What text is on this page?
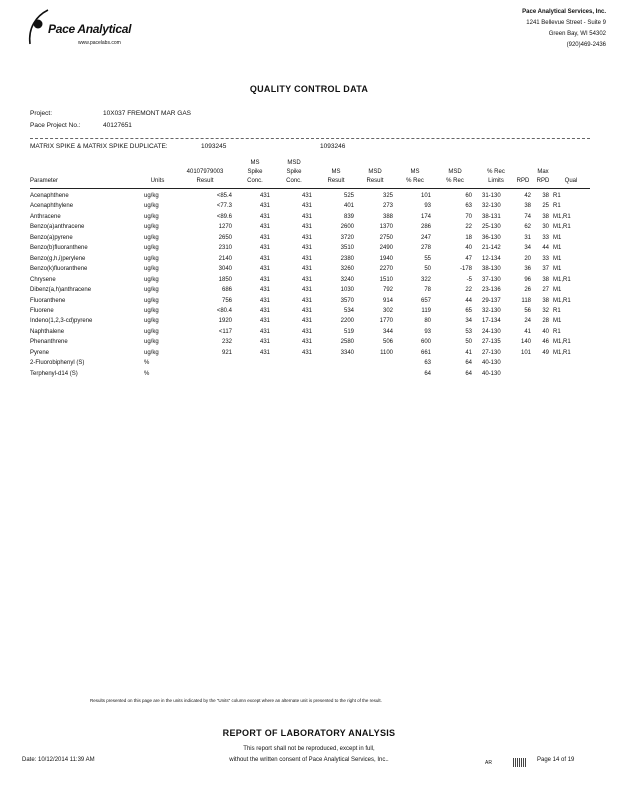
Pace Analytical
www.pacelabs.com
Pace Analytical Services, Inc.
1241 Bellevue Street - Suite 9
Green Bay, WI 54302
(920)469-2436
QUALITY CONTROL DATA
Project:	10X037 FREMONT MAR GAS
Pace Project No.:	40127651
MATRIX SPIKE & MATRIX SPIKE DUPLICATE:	1093245	1093246
Parameter	Units
40107979003
Result
MS
Spike
Conc.
MSD
Spike
Conc.
MS
Result
MSD
Result
MS
% Rec
MSD
% Rec
% Rec
Limits	RPD
Max
RPD	Qual
Acenaphthene	ug/kg	<85.4	431	431	525	325	101	60 31-130	42	38 R1
Acenaphthylene	ug/kg	<77.3	431	431	401	273	93	63 32-130	38	25 R1
Anthracene	ug/kg	<89.6	431	431	839	388	174	70 38-131	74	38 M1,R1
Benzo(a)anthracene	ug/kg	1270	431	431	2600	1370	286	22 25-130	62	30 M1,R1
Benzo(a)pyrene	ug/kg	2650	431	431	3720	2750	247	18 36-130	31	33 M1
Benzo(b)fluoranthene	ug/kg	2310	431	431	3510	2490	278	40 21-142	34	44 M1
Benzo(g,h,i)perylene	ug/kg	2140	431	431	2380	1940	55	47 12-134	20	33 M1
Benzo(k)fluoranthene	ug/kg	3040	431	431	3260	2270	50	-178 38-130	36	37 M1
Chrysene	ug/kg	1850	431	431	3240	1510	322	-5 37-130	96	38 M1,R1
Dibenz(a,h)anthracene	ug/kg	686	431	431	1030	792	78	22 23-136	26	27 M1
Fluoranthene	ug/kg	756	431	431	3570	914	657	44 29-137	118	38 M1,R1
Fluorene	ug/kg	<80.4	431	431	534	302	119	65 32-130	56	32 R1
Indeno(1,2,3-cd)pyrene	ug/kg	1920	431	431	2200	1770	80	34 17-134	24	28 M1
Naphthalene	ug/kg	<117	431	431	519	344	93	53 24-130	41	40 R1
Phenanthrene	ug/kg	232	431	431	2580	506	600	50 27-135	140	46 M1,R1
Pyrene	ug/kg	921	431	431	3340	1100	661	41 27-130	101	49 M1,R1
2-Fluorobiphenyl (S)	%	63	64 40-130
Terphenyl-d14 (S)	%	64	64 40-130
Results presented on this page are in the units indicated by the "Units" column except where an alternate unit is presented to the right of the result.
REPORT OF LABORATORY ANALYSIS
This report shall not be reproduced, except in full,
without the written consent of Pace Analytical Services, Inc..
Date: 10/12/2014 11:39 AM	AR	Page 14 of 19
